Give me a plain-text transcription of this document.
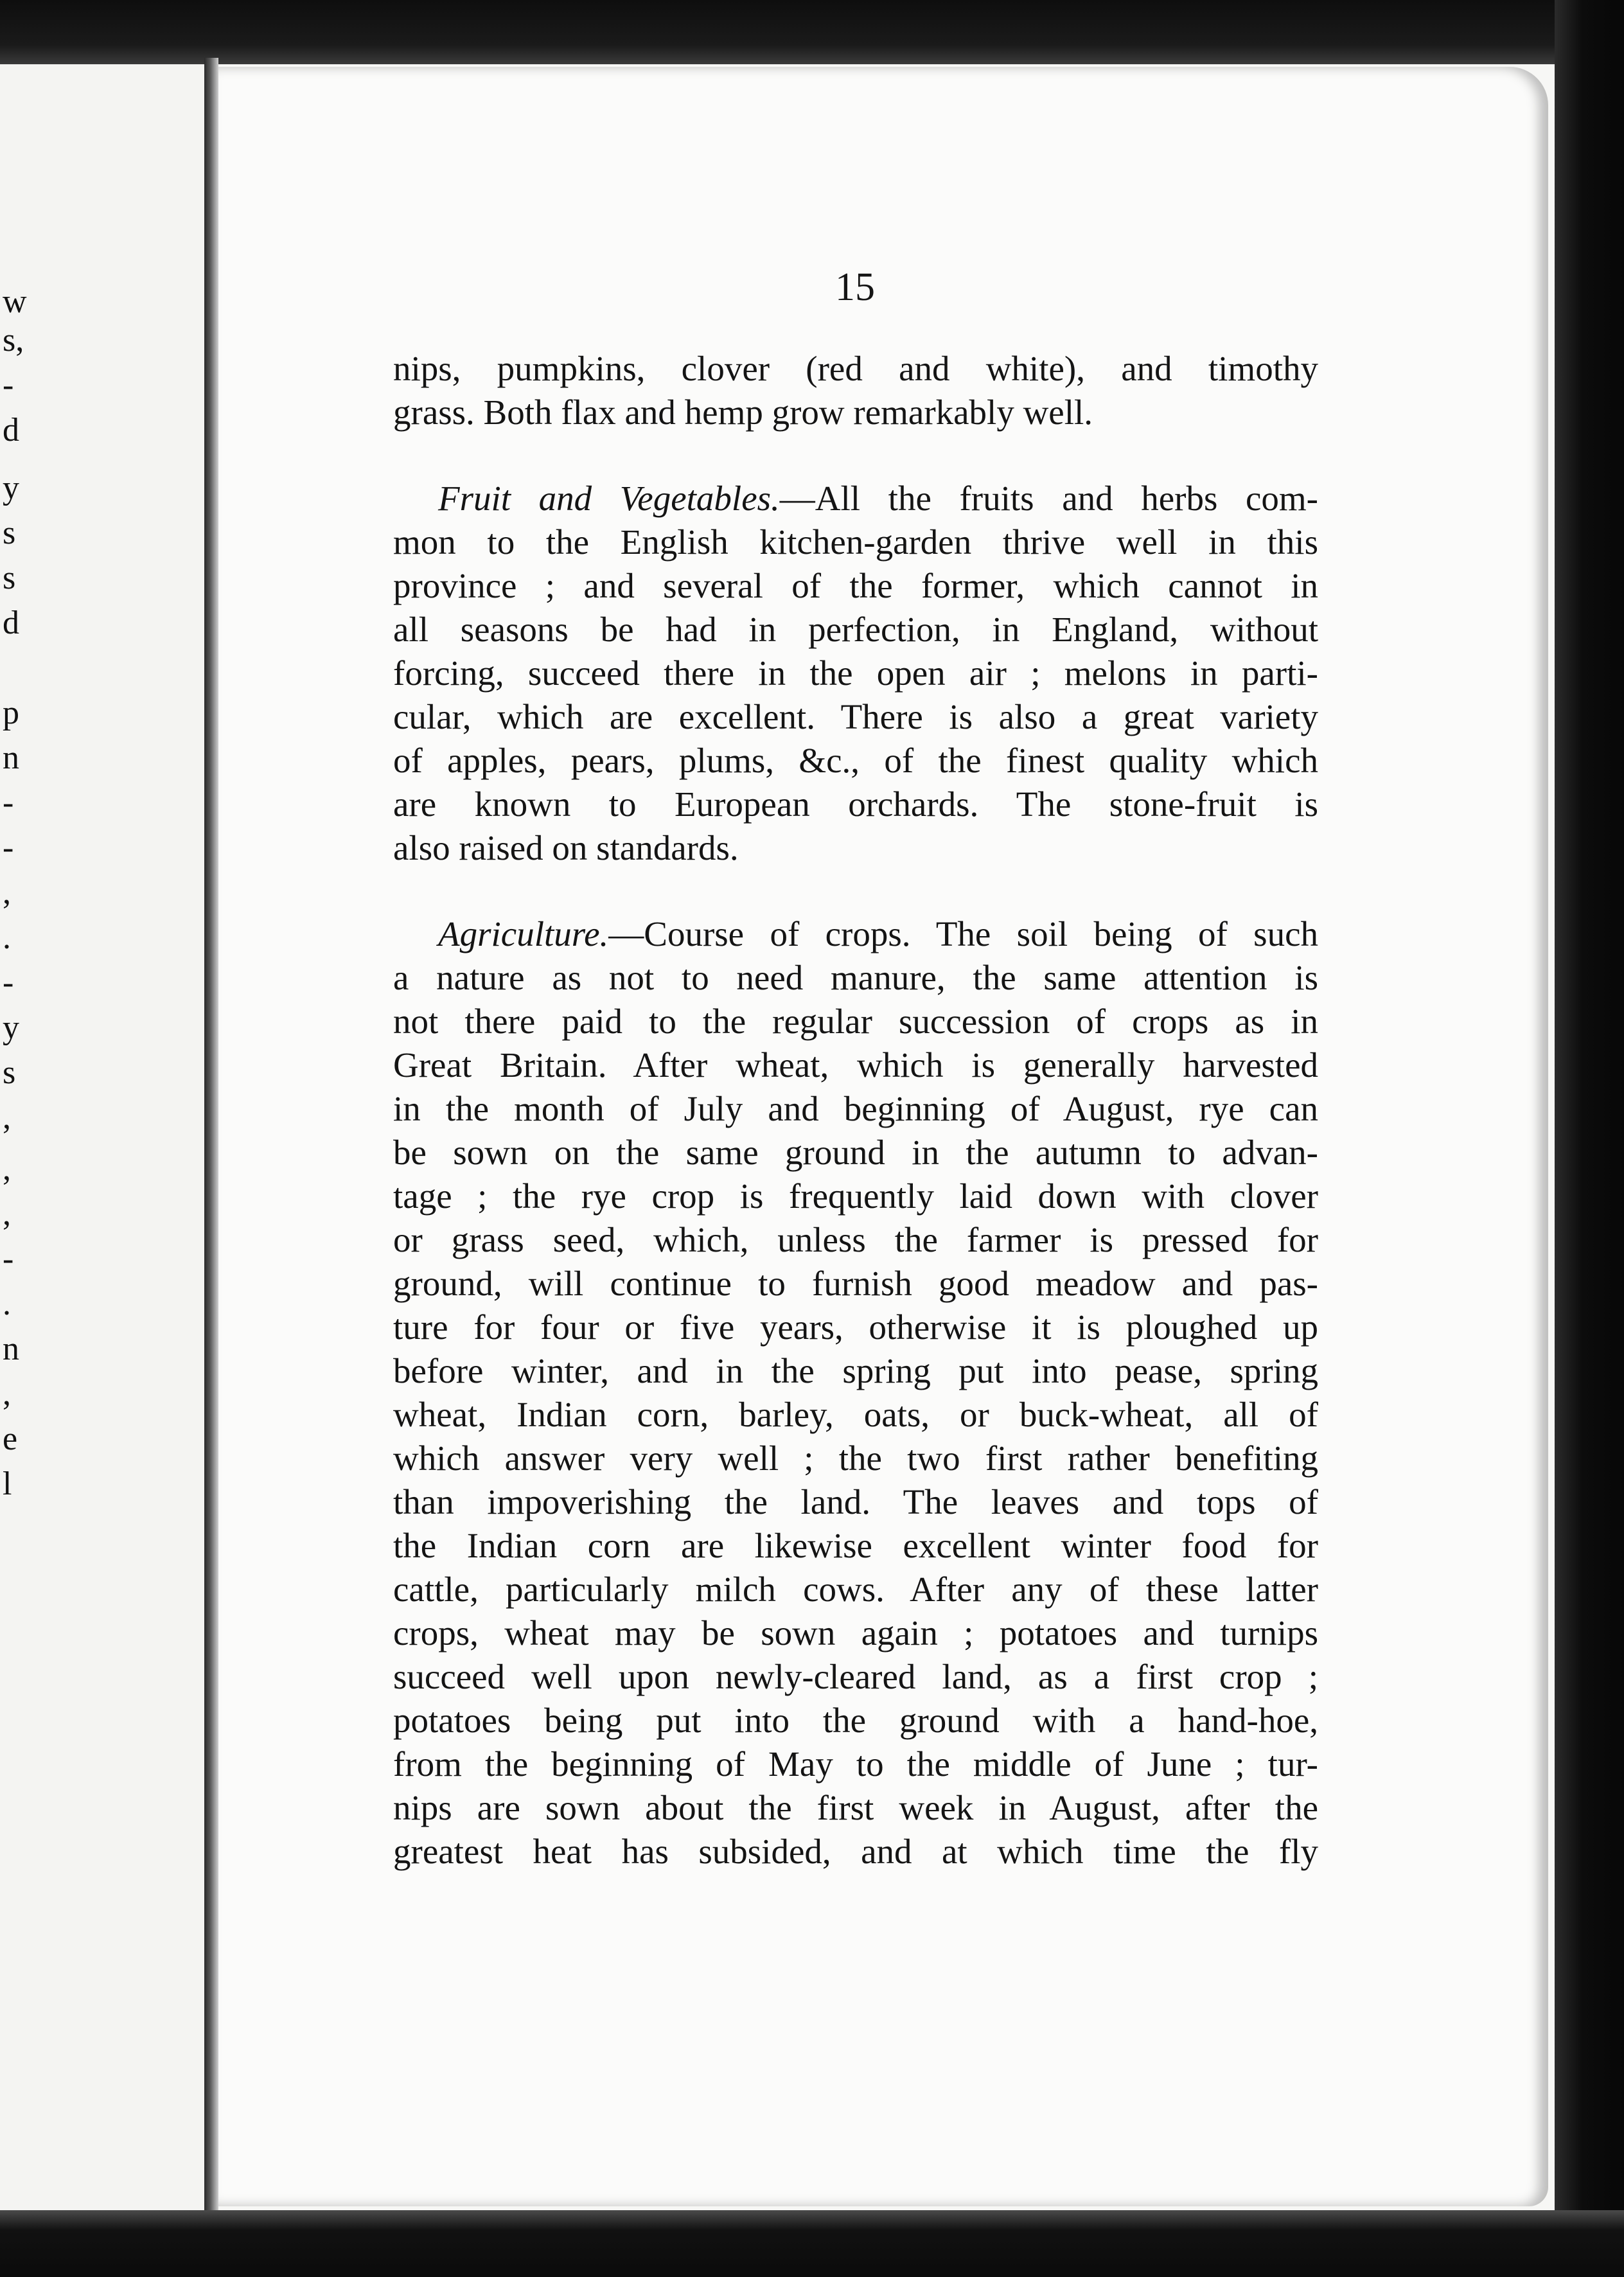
w
s,
-
d
y
s
s
d
p
n
-
-
,
.
-
y
s
,
,
,
-
.
n
,
e
l
15

nips, pumpkins, clover (red and white), and timothy
grass. Both flax and hemp grow remarkably well.

Fruit and Vegetables.—All the fruits and herbs com-
mon to the English kitchen-garden thrive well in this
province ; and several of the former, which cannot in
all seasons be had in perfection, in England, without
forcing, succeed there in the open air ; melons in parti-
cular, which are excellent. There is also a great variety
of apples, pears, plums, &c., of the finest quality which
are known to European orchards. The stone-fruit is
also raised on standards.

Agriculture.—Course of crops. The soil being of such
a nature as not to need manure, the same attention is
not there paid to the regular succession of crops as in
Great Britain. After wheat, which is generally harvested
in the month of July and beginning of August, rye can
be sown on the same ground in the autumn to advan-
tage ; the rye crop is frequently laid down with clover
or grass seed, which, unless the farmer is pressed for
ground, will continue to furnish good meadow and pas-
ture for four or five years, otherwise it is ploughed up
before winter, and in the spring put into pease, spring
wheat, Indian corn, barley, oats, or buck-wheat, all of
which answer very well ; the two first rather benefiting
than impoverishing the land. The leaves and tops of
the Indian corn are likewise excellent winter food for
cattle, particularly milch cows. After any of these latter
crops, wheat may be sown again ; potatoes and turnips
succeed well upon newly-cleared land, as a first crop ;
potatoes being put into the ground with a hand-hoe,
from the beginning of May to the middle of June ; tur-
nips are sown about the first week in August, after the
greatest heat has subsided, and at which time the fly
